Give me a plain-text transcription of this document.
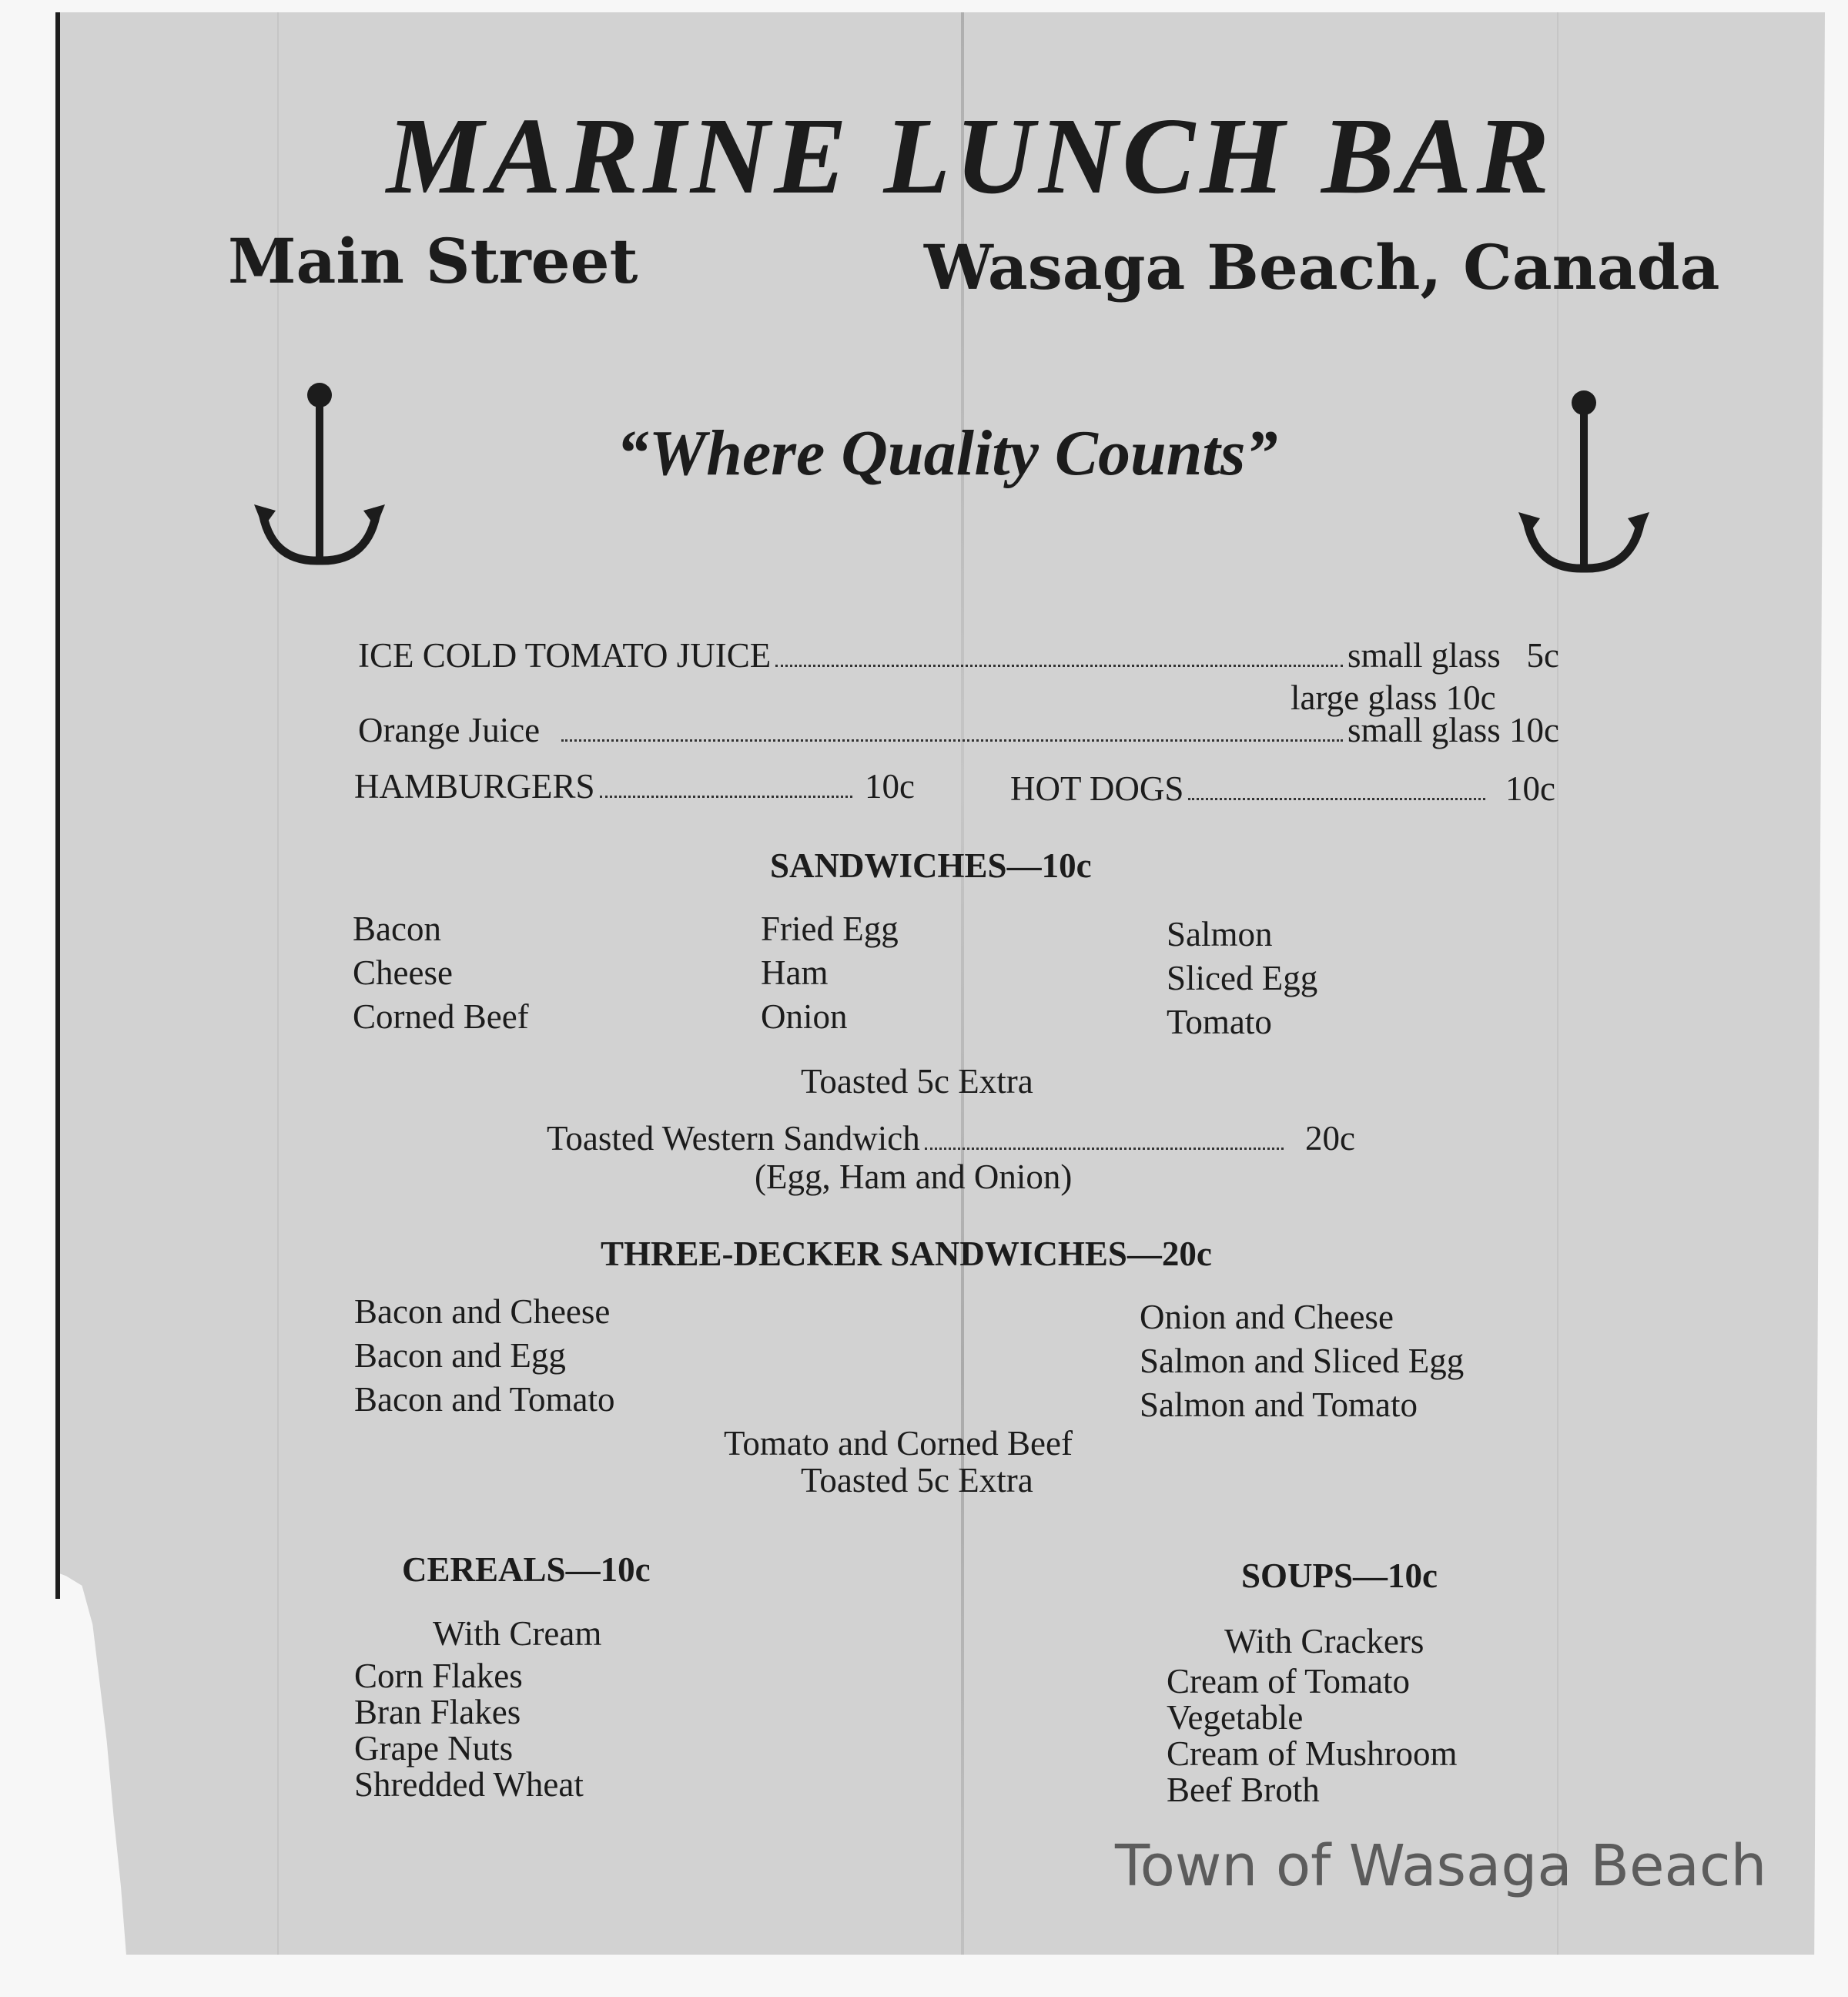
MARINE LUNCH BAR
Main Street	Wasaga Beach, Canada
“Where Quality Counts”
ICE COLD TOMATO JUICE	small glass   5c
large glass 10c
Orange Juice	small glass 10c
HAMBURGERS	10c	HOT DOGS	10c
SANDWICHES—10c
Bacon
Cheese
Corned Beef
Fried Egg
Ham
Onion
Salmon
Sliced Egg
Tomato
Toasted 5c Extra
Toasted Western Sandwich	20c
(Egg, Ham and Onion)
THREE-DECKER SANDWICHES—20c
Bacon and Cheese
Bacon and Egg
Bacon and Tomato
Onion and Cheese
Salmon and Sliced Egg
Salmon and Tomato
Tomato and Corned Beef
Toasted 5c Extra
CEREALS—10c
With Cream
Corn Flakes
Bran Flakes
Grape Nuts
Shredded Wheat
SOUPS—10c
With Crackers
Cream of Tomato
Vegetable
Cream of Mushroom
Beef Broth
Town of Wasaga Beach
